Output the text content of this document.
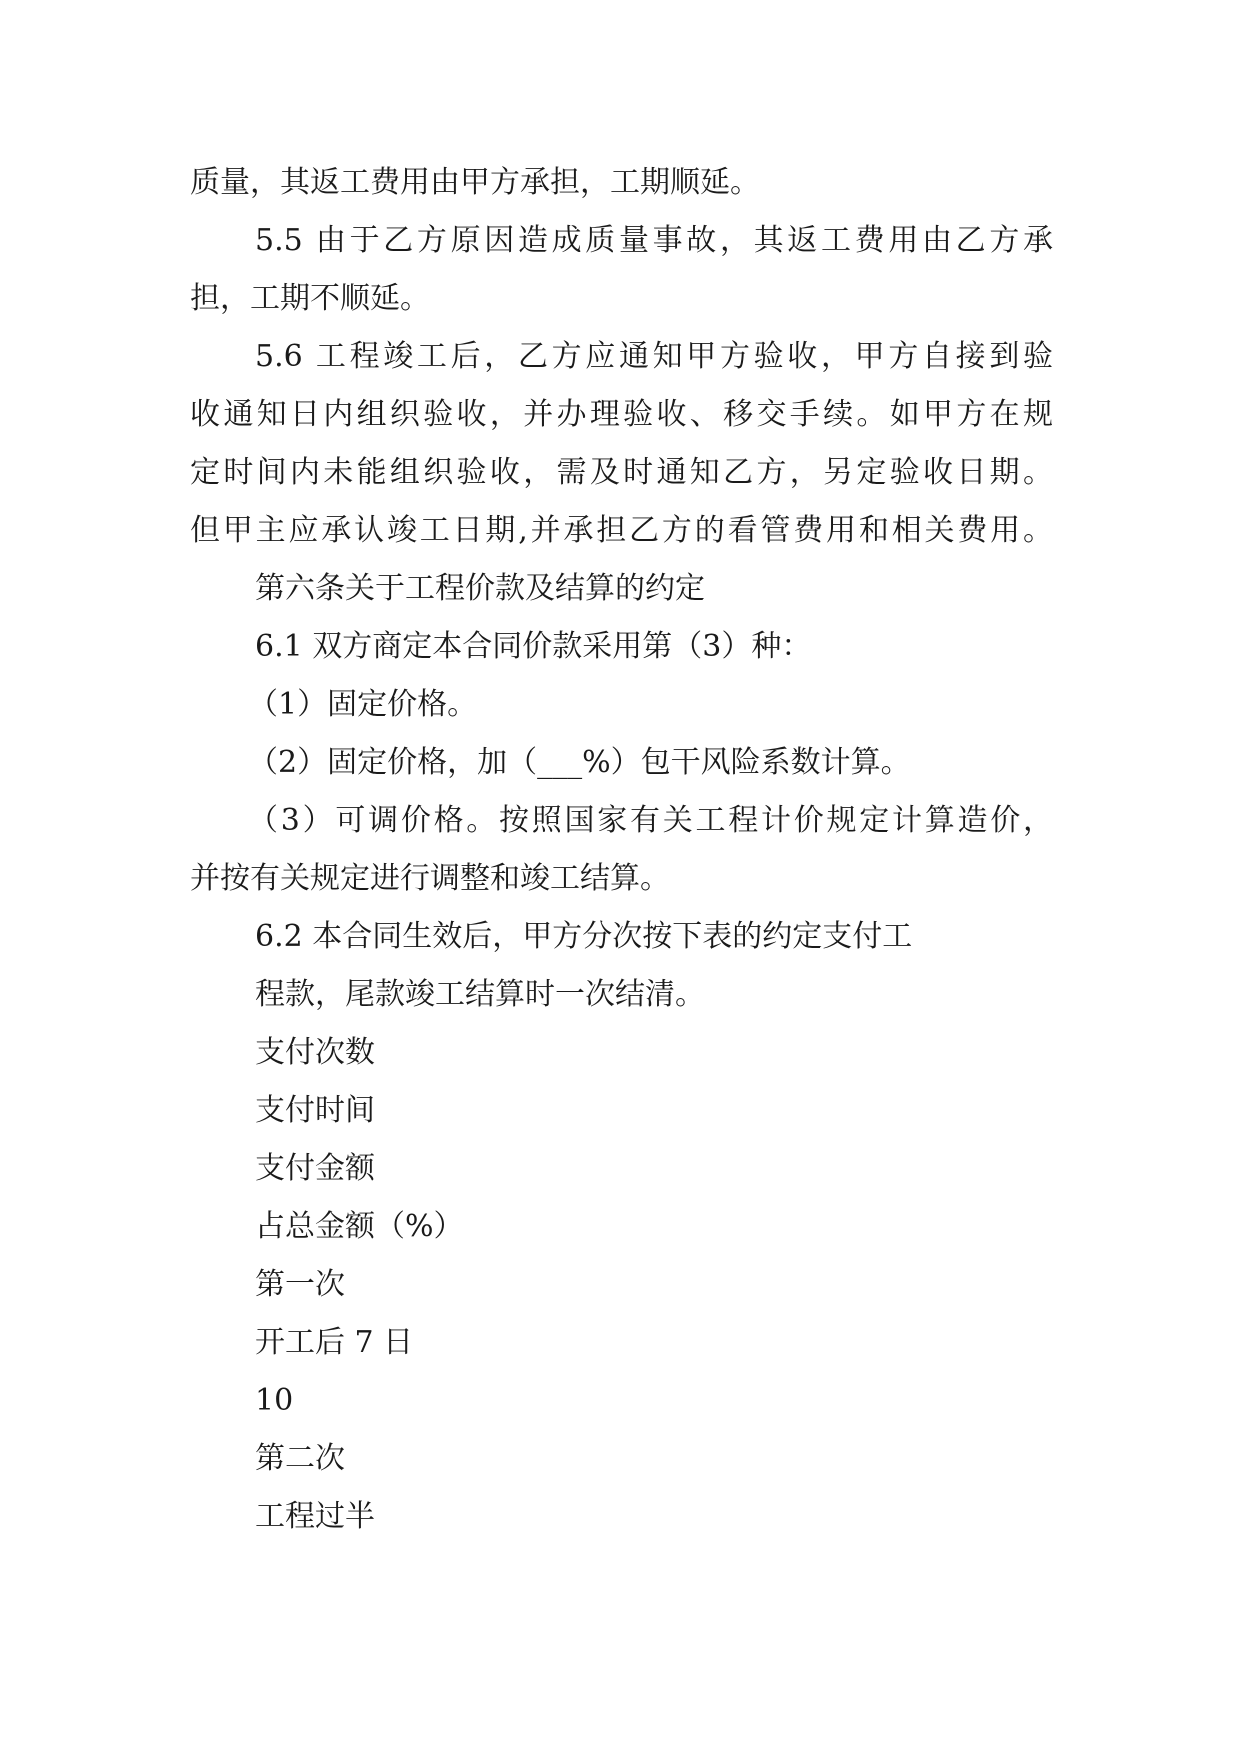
质量，其返工费用由甲方承担，工期顺延。
5.5 由于乙方原因造成质量事故，其返工费用由乙方承
担，工期不顺延。
5.6 工程竣工后，乙方应通知甲方验收，甲方自接到验
收通知日内组织验收，并办理验收、移交手续。如甲方在规
定时间内未能组织验收，需及时通知乙方，另定验收日期。
但甲主应承认竣工日期,并承担乙方的看管费用和相关费用。
第六条关于工程价款及结算的约定
6.1 双方商定本合同价款采用第（3）种：
（1）固定价格。
（2）固定价格，加（___%）包干风险系数计算。
（3）可调价格。按照国家有关工程计价规定计算造价，
并按有关规定进行调整和竣工结算。
6.2 本合同生效后，甲方分次按下表的约定支付工
程款，尾款竣工结算时一次结清。
支付次数
支付时间
支付金额
占总金额（%）
第一次
开工后 7 日
10
第二次
工程过半
